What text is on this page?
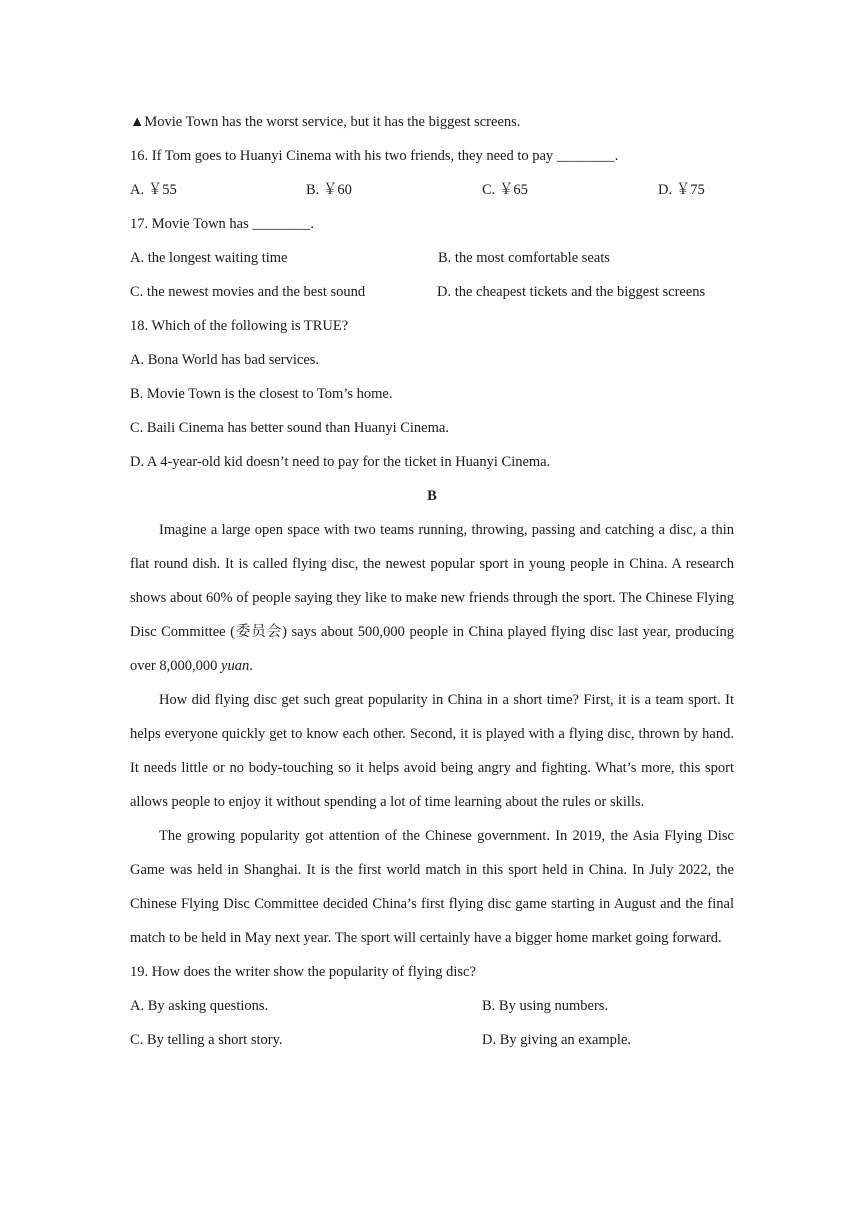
▲Movie Town has the worst service, but it has the biggest screens.
16. If Tom goes to Huanyi Cinema with his two friends, they need to pay ________.
A. ￥55	B. ￥60	C. ￥65	D. ￥75
17. Movie Town has ________.
A. the longest waiting time	B. the most comfortable seats
C. the newest movies and the best sound	D. the cheapest tickets and the biggest screens
18. Which of the following is TRUE?
A. Bona World has bad services.
B. Movie Town is the closest to Tom’s home.
C. Baili Cinema has better sound than Huanyi Cinema.
D. A 4-year-old kid doesn’t need to pay for the ticket in Huanyi Cinema.
B
Imagine a large open space with two teams running, throwing, passing and catching a disc, a thin flat round dish. It is called flying disc, the newest popular sport in young people in China. A research shows about 60% of people saying they like to make new friends through the sport. The Chinese Flying Disc Committee (委员会) says about 500,000 people in China played flying disc last year, producing over 8,000,000 yuan.
How did flying disc get such great popularity in China in a short time? First, it is a team sport. It helps everyone quickly get to know each other. Second, it is played with a flying disc, thrown by hand. It needs little or no body-touching so it helps avoid being angry and fighting. What’s more, this sport allows people to enjoy it without spending a lot of time learning about the rules or skills.
The growing popularity got attention of the Chinese government. In 2019, the Asia Flying Disc Game was held in Shanghai. It is the first world match in this sport held in China. In July 2022, the Chinese Flying Disc Committee decided China’s first flying disc game starting in August and the final match to be held in May next year. The sport will certainly have a bigger home market going forward.
19. How does the writer show the popularity of flying disc?
A. By asking questions.	B. By using numbers.
C. By telling a short story.	D. By giving an example.
